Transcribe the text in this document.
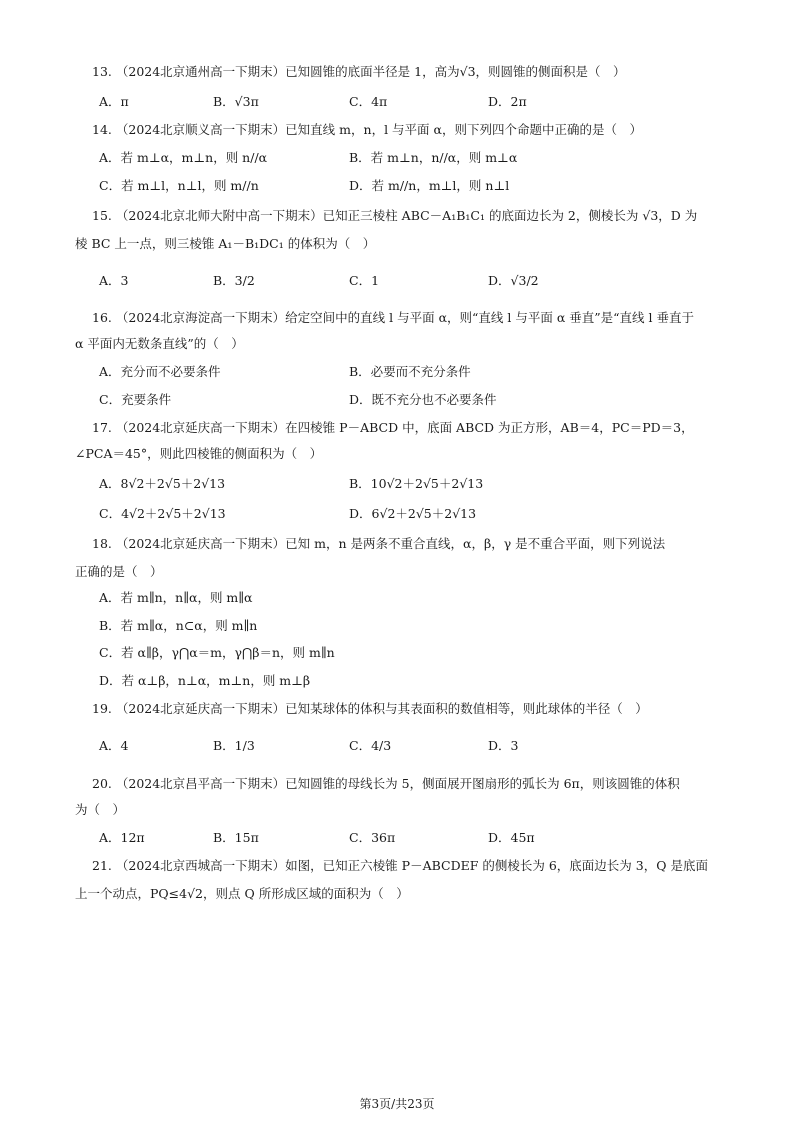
13. （2024北京通州高一下期末）已知圆锥的底面半径是 1，高为√3，则圆锥的侧面积是（　）
A．π	B．√3π	C．4π	D．2π
14. （2024北京顺义高一下期末）已知直线 m，n，l 与平面 α，则下列四个命题中正确的是（　）
A．若 m⊥α，m⊥n，则 n//α	B．若 m⊥n，n//α，则 m⊥α
C．若 m⊥l，n⊥l，则 m//n	D．若 m//n，m⊥l，则 n⊥l
15. （2024北京北师大附中高一下期末）已知正三棱柱 ABC－A₁B₁C₁ 的底面边长为 2，侧棱长为 √3，D 为
棱 BC 上一点，则三棱锥 A₁－B₁DC₁ 的体积为（　）
A．3	B．3/2	C．1	D．√3/2
16. （2024北京海淀高一下期末）给定空间中的直线 l 与平面 α，则“直线 l 与平面 α 垂直”是“直线 l 垂直于
α 平面内无数条直线”的（　）
A．充分而不必要条件	B．必要而不充分条件
C．充要条件	D．既不充分也不必要条件
17. （2024北京延庆高一下期末）在四棱锥 P－ABCD 中，底面 ABCD 为正方形，AB＝4，PC＝PD＝3，
∠PCA＝45°，则此四棱锥的侧面积为（　）
A．8√2＋2√5＋2√13	B．10√2＋2√5＋2√13
C．4√2＋2√5＋2√13	D．6√2＋2√5＋2√13
18. （2024北京延庆高一下期末）已知 m，n 是两条不重合直线，α，β，γ 是不重合平面，则下列说法
正确的是（　）
A．若 m∥n，n∥α，则 m∥α
B．若 m∥α，n⊂α，则 m∥n
C．若 α∥β，γ⋂α＝m，γ⋂β＝n，则 m∥n
D．若 α⊥β，n⊥α，m⊥n，则 m⊥β
19. （2024北京延庆高一下期末）已知某球体的体积与其表面积的数值相等，则此球体的半径（　）
A．4	B．1/3	C．4/3	D．3
20. （2024北京昌平高一下期末）已知圆锥的母线长为 5，侧面展开图扇形的弧长为 6π，则该圆锥的体积
为（　）
A．12π	B．15π	C．36π	D．45π
21. （2024北京西城高一下期末）如图，已知正六棱锥 P－ABCDEF 的侧棱长为 6，底面边长为 3，Q 是底面
上一个动点，PQ≤4√2，则点 Q 所形成区域的面积为（　）
第3页/共23页
